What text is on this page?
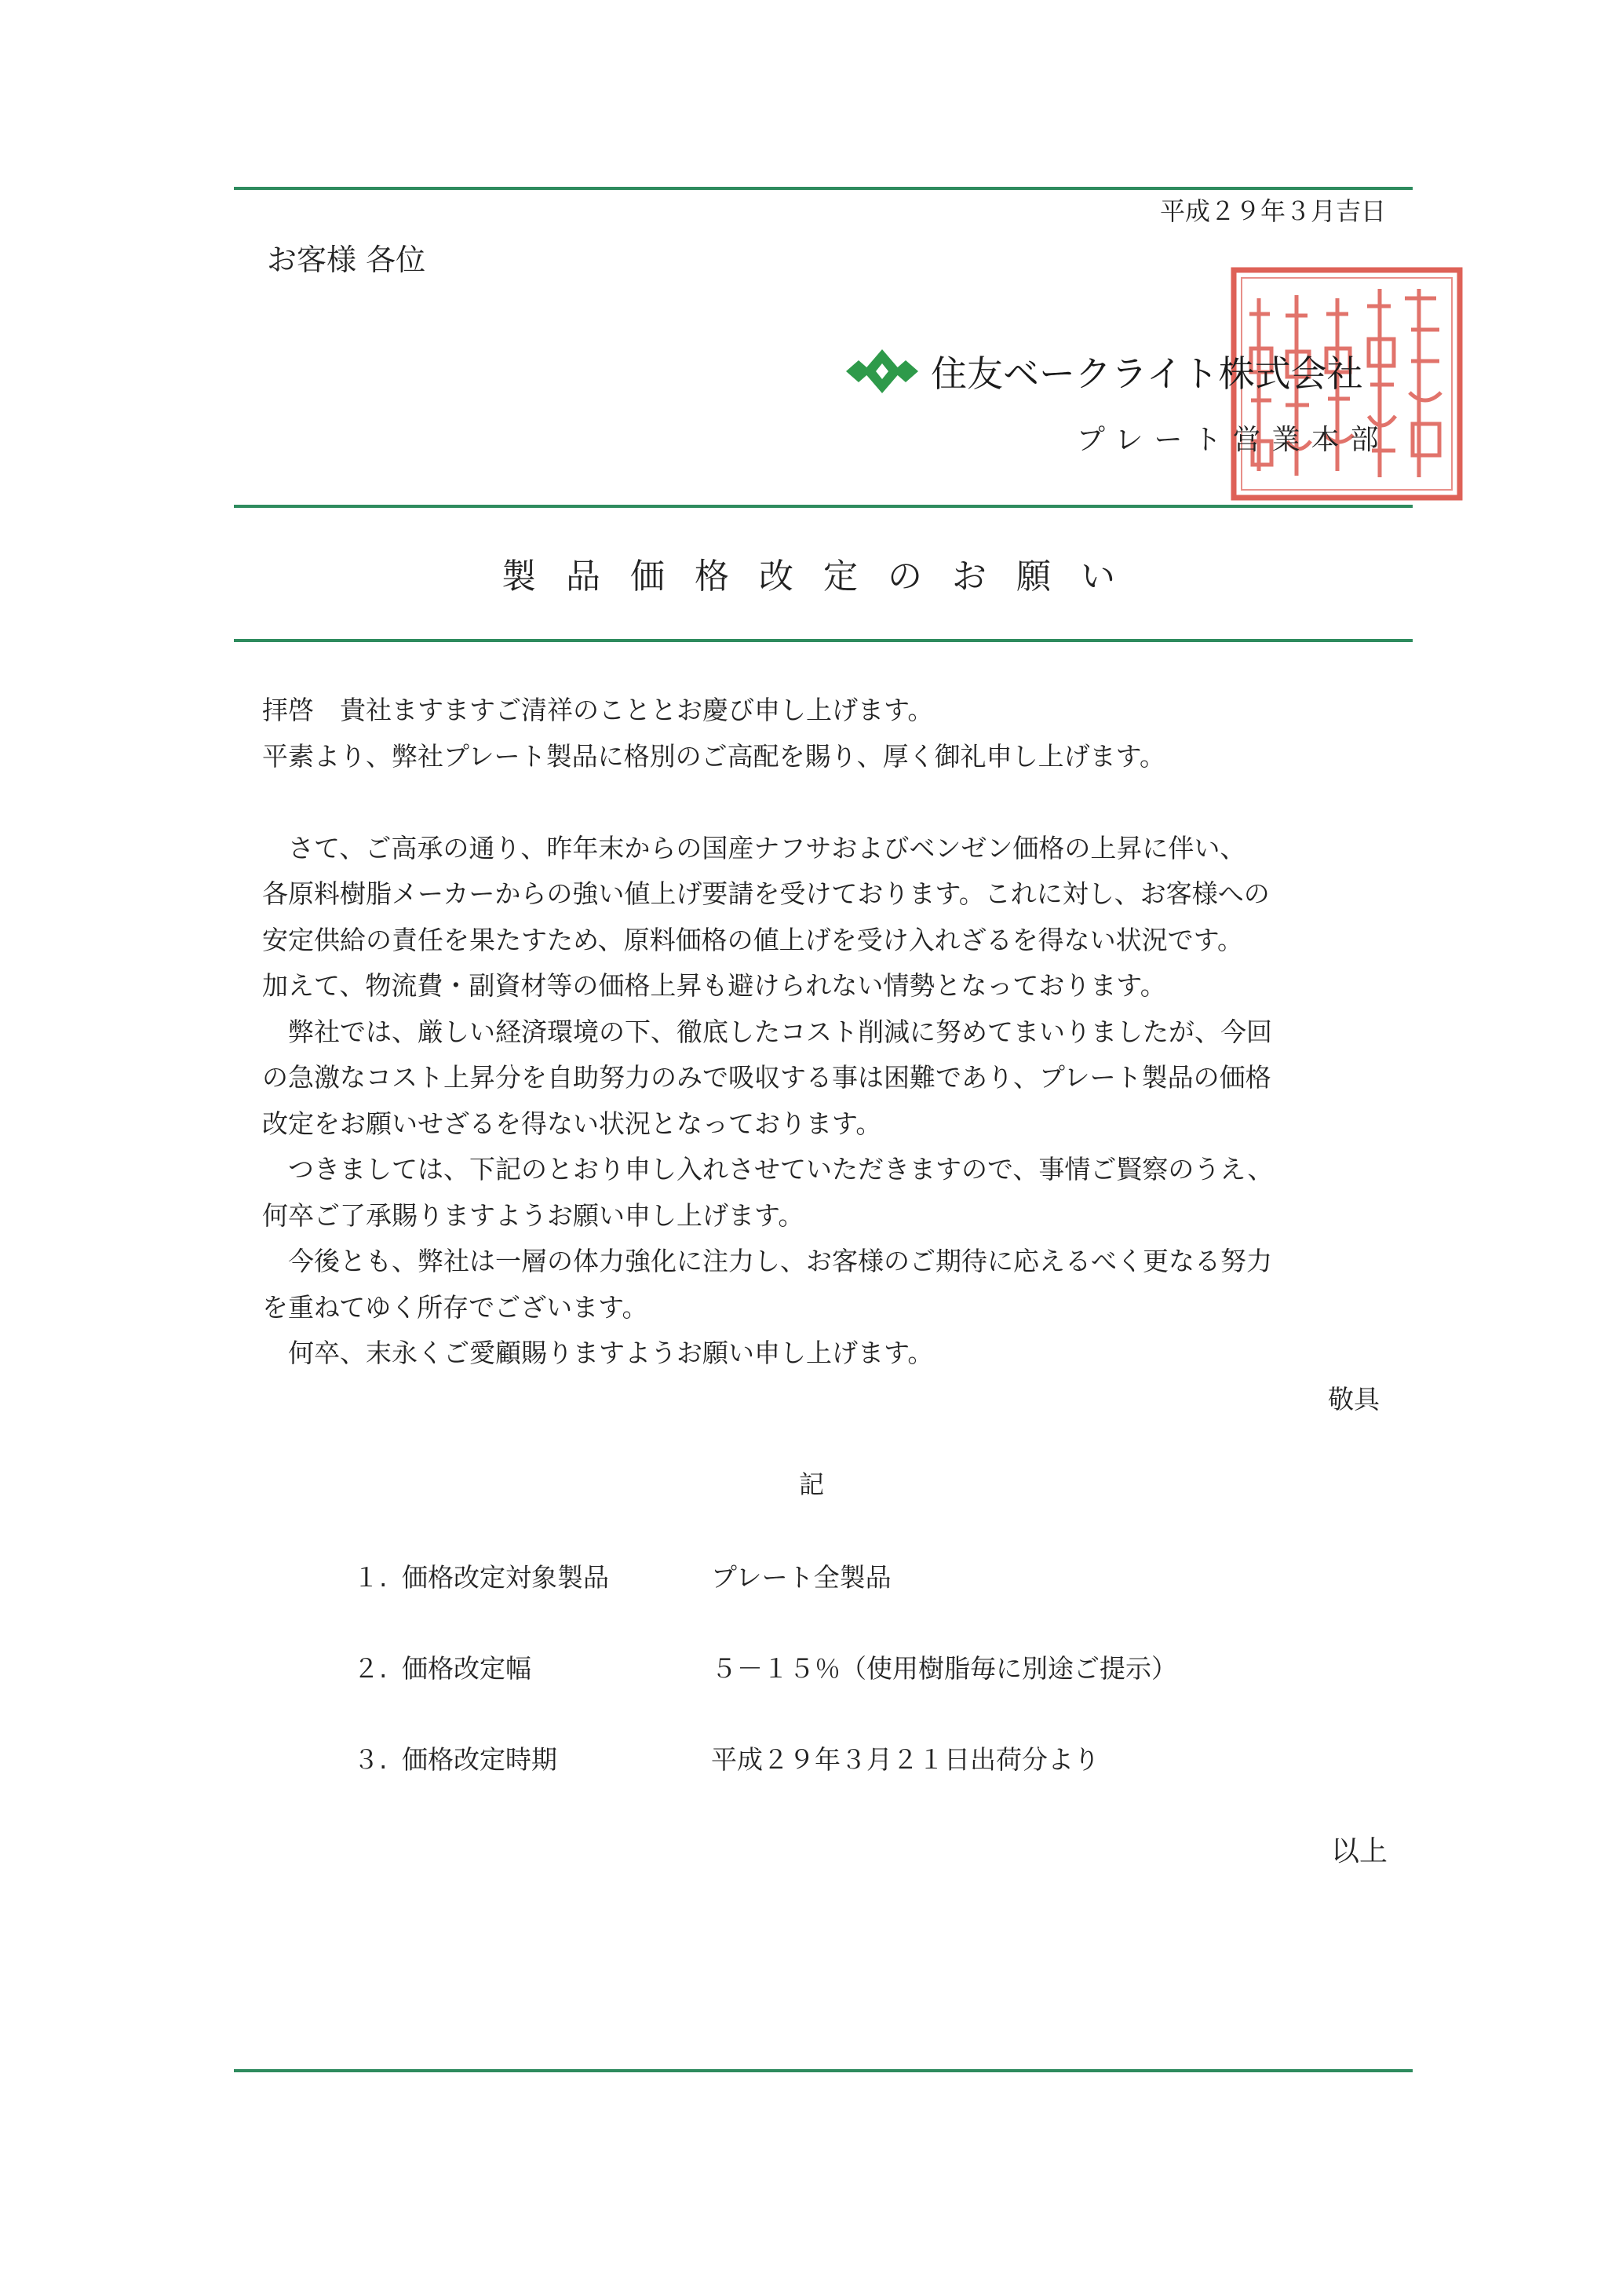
平成２９年３月吉日
お客様 各位
住友ベークライト株式会社
プレート営業本部
製品価格改定のお願い

拝啓　貴社ますますご清祥のこととお慶び申し上げます。

平素より、弊社プレート製品に格別のご高配を賜り、厚く御礼申し上げます。

　さて、ご高承の通り、昨年末からの国産ナフサおよびベンゼン価格の上昇に伴い、

各原料樹脂メーカーからの強い値上げ要請を受けております。これに対し、お客様への

安定供給の責任を果たすため、原料価格の値上げを受け入れざるを得ない状況です。

加えて、物流費・副資材等の価格上昇も避けられない情勢となっております。

　弊社では、厳しい経済環境の下、徹底したコスト削減に努めてまいりましたが、今回

の急激なコスト上昇分を自助努力のみで吸収する事は困難であり、プレート製品の価格

改定をお願いせざるを得ない状況となっております。

　つきましては、下記のとおり申し入れさせていただきますので、事情ご賢察のうえ、

何卒ご了承賜りますようお願い申し上げます。

　今後とも、弊社は一層の体力強化に注力し、お客様のご期待に応えるべく更なる努力

を重ねてゆく所存でございます。

　何卒、末永くご愛顧賜りますようお願い申し上げます。

敬具

記
１. 価格改定対象製品	プレート全製品
２. 価格改定幅	５－１５％（使用樹脂毎に別途ご提示）
３. 価格改定時期	平成２９年３月２１日出荷分より
以上
